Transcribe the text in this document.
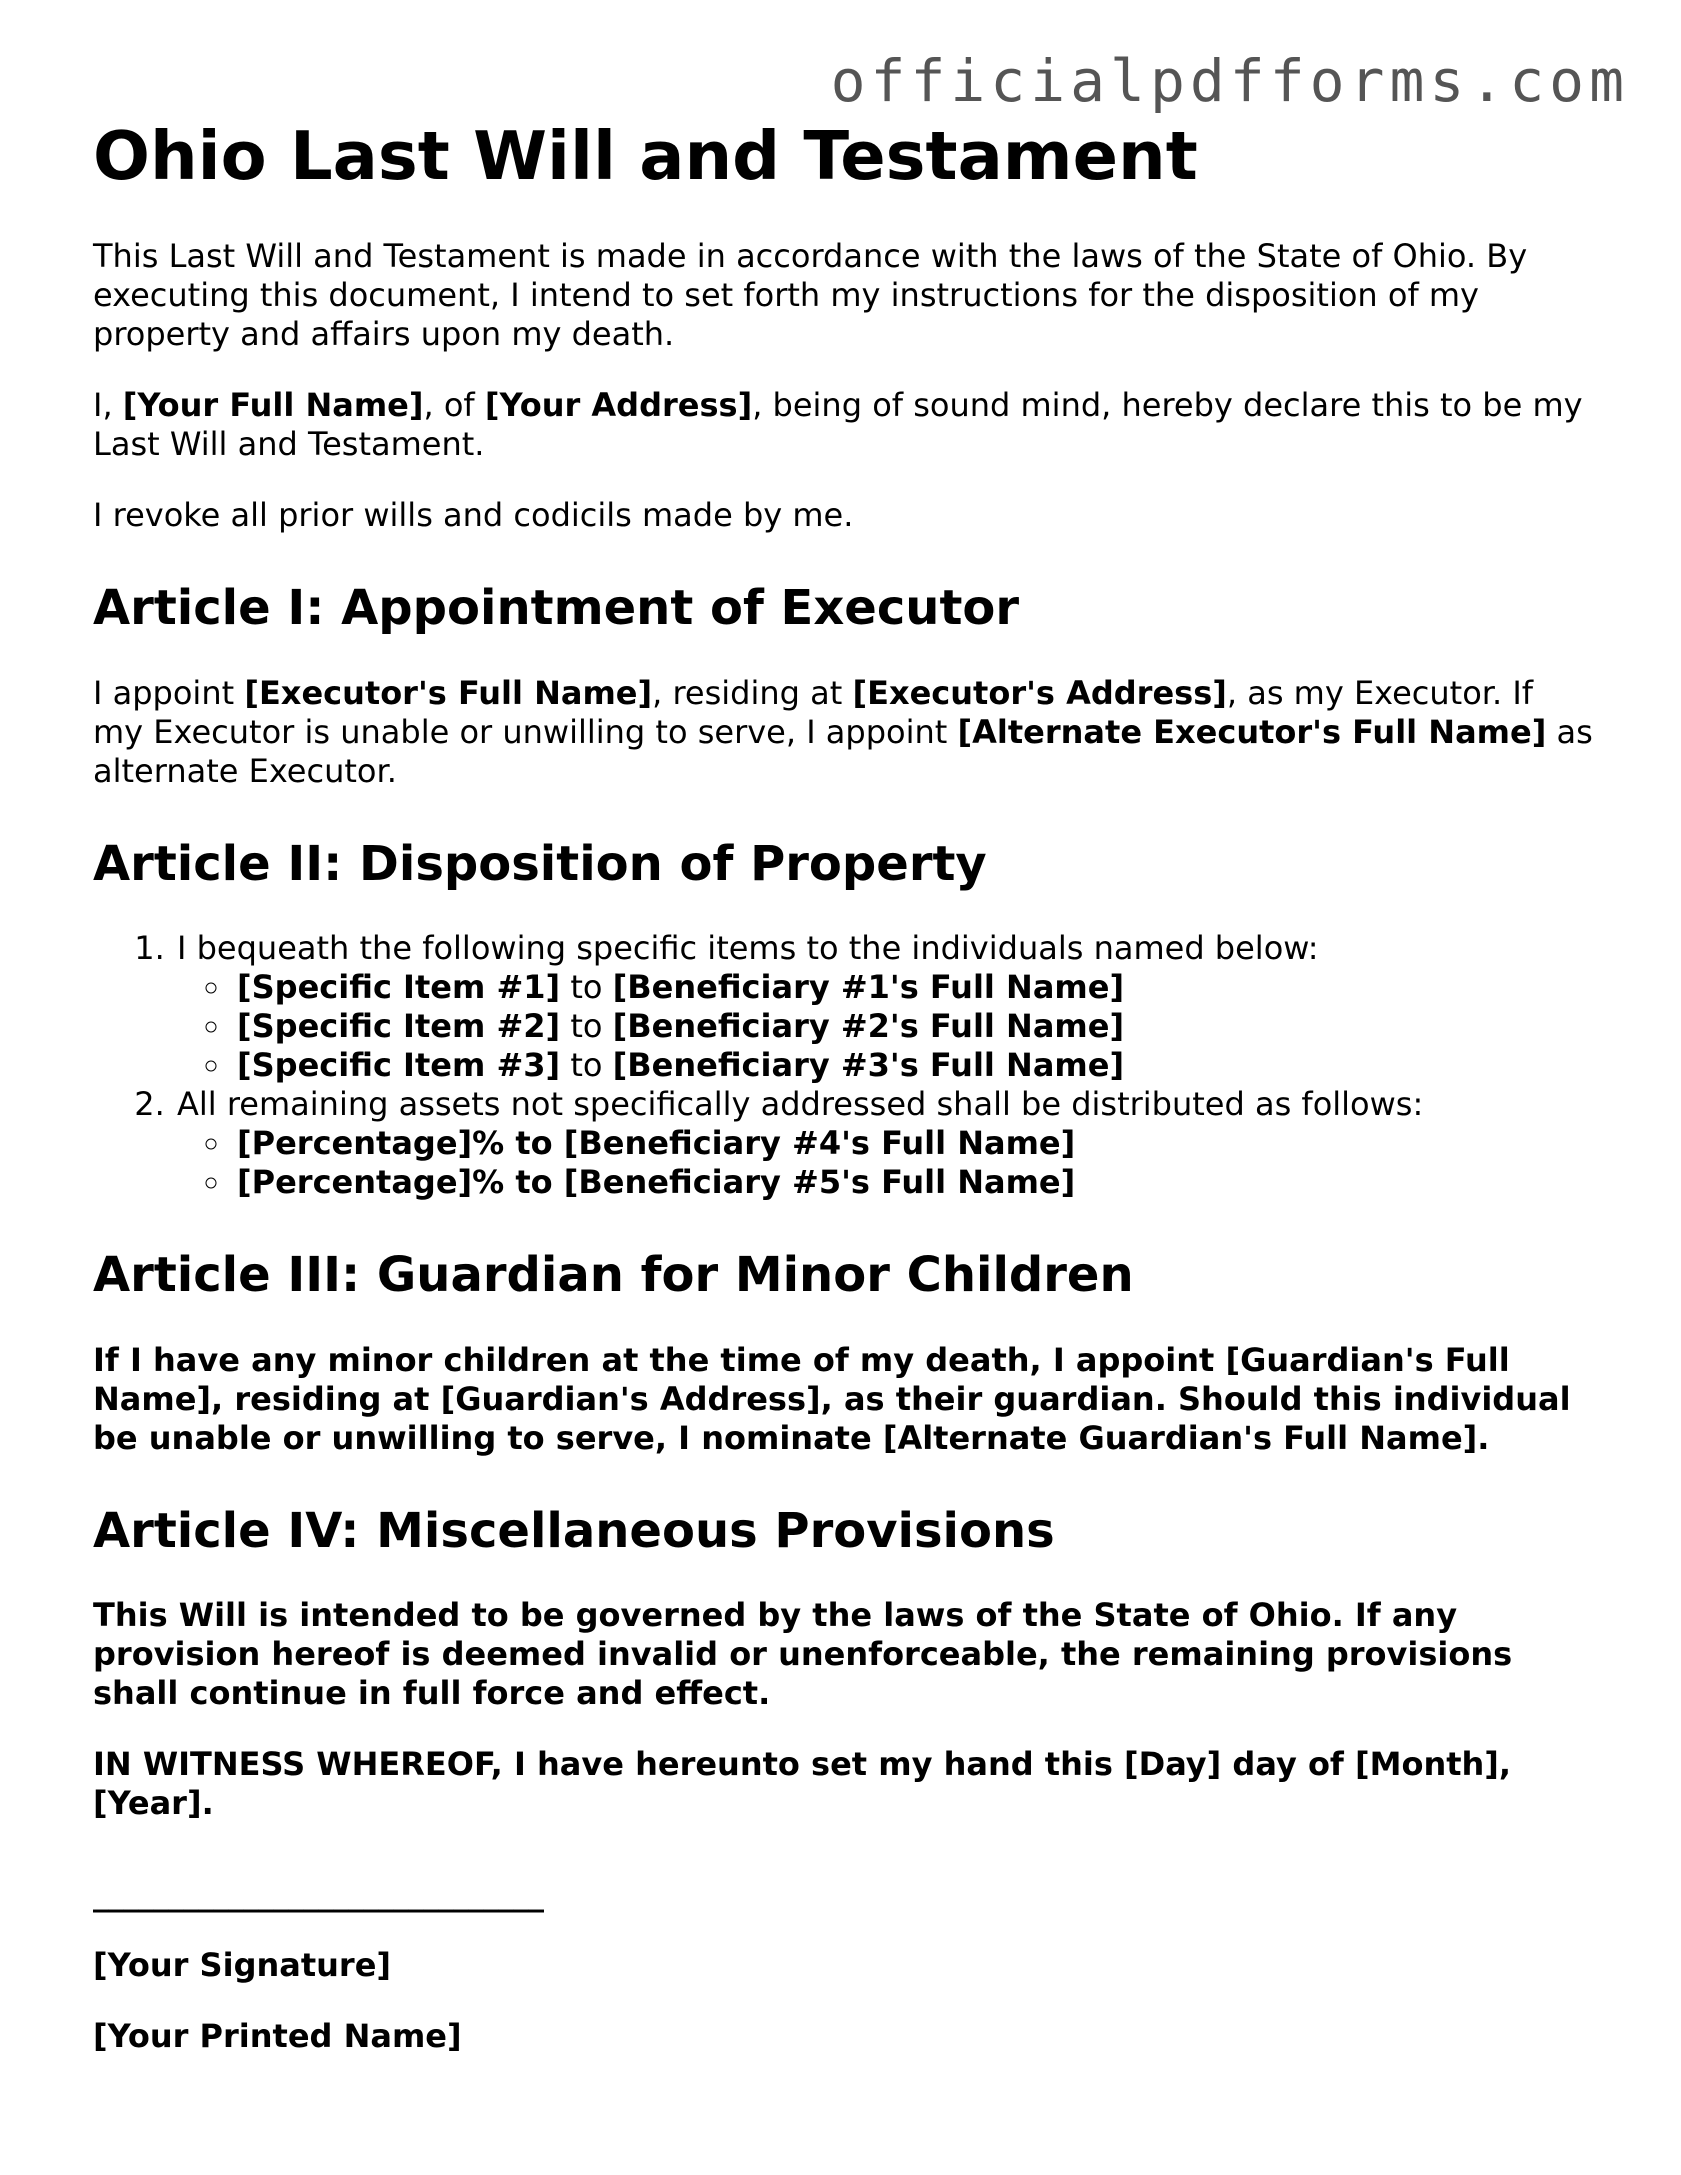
officialpdfforms.com
Ohio Last Will and Testament

This Last Will and Testament is made in accordance with the laws of the State of Ohio. By executing this document, I intend to set forth my instructions for the disposition of my property and affairs upon my death.

I, [Your Full Name], of [Your Address], being of sound mind, hereby declare this to be my Last Will and Testament.

I revoke all prior wills and codicils made by me.

Article I: Appointment of Executor

I appoint [Executor's Full Name], residing at [Executor's Address], as my Executor. If my Executor is unable or unwilling to serve, I appoint [Alternate Executor's Full Name] as alternate Executor.

Article II: Disposition of Property
1. I bequeath the following specific items to the individuals named below:
◦ [Specific Item #1] to [Beneficiary #1's Full Name]
◦ [Specific Item #2] to [Beneficiary #2's Full Name]
◦ [Specific Item #3] to [Beneficiary #3's Full Name]
2. All remaining assets not specifically addressed shall be distributed as follows:
◦ [Percentage]% to [Beneficiary #4's Full Name]
◦ [Percentage]% to [Beneficiary #5's Full Name]
Article III: Guardian for Minor Children

If I have any minor children at the time of my death, I appoint [Guardian's Full Name], residing at [Guardian's Address], as their guardian. Should this individual be unable or unwilling to serve, I nominate [Alternate Guardian's Full Name].

Article IV: Miscellaneous Provisions

This Will is intended to be governed by the laws of the State of Ohio. If any provision hereof is deemed invalid or unenforceable, the remaining provisions shall continue in full force and effect.

IN WITNESS WHEREOF, I have hereunto set my hand this [Day] day of [Month], [Year].

______________________________

[Your Signature]

[Your Printed Name]
